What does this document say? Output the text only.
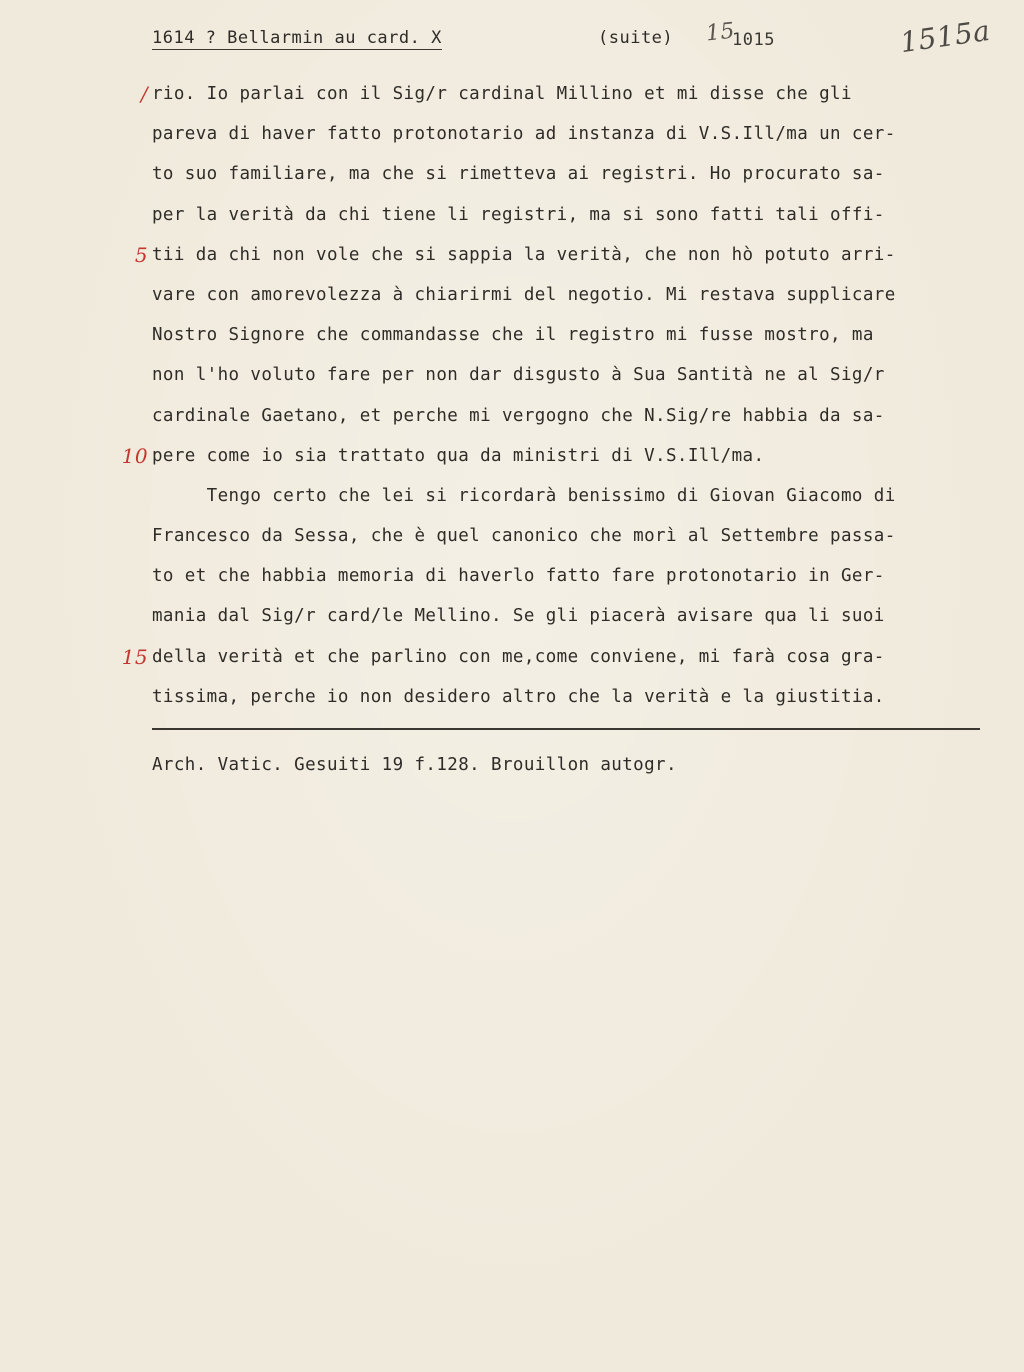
1614 ? Bellarmin au card. X	(suite) 15
1015	1515a
/ rio. Io parlai con il Sig/r cardinal Millino et mi disse che gli
pareva di haver fatto protonotario ad instanza di V.S.Ill/ma un cer-
to suo familiare, ma che si rimetteva ai registri. Ho procurato sa-
per la verità da chi tiene li registri, ma si sono fatti tali offi-
5 tii da chi non vole che si sappia la verità, che non hò potuto arri-
vare con amorevolezza à chiarirmi del negotio. Mi restava supplicare
Nostro Signore che commandasse che il registro mi fusse mostro, ma
non l'ho voluto fare per non dar disgusto à Sua Santità ne al Sig/r
cardinale Gaetano, et perche mi vergogno che N.Sig/re habbia da sa-
10 pere come io sia trattato qua da ministri di V.S.Ill/ma.
Tengo certo che lei si ricordarà benissimo di Giovan Giacomo di
Francesco da Sessa, che è quel canonico che morì al Settembre passa-
to et che habbia memoria di haverlo fatto fare protonotario in Ger-
mania dal Sig/r card/le Mellino. Se gli piacerà avisare qua li suoi
15 della verità et che parlino con me,come conviene, mi farà cosa gra-
tissima, perche io non desidero altro che la verità e la giustitia.
Arch. Vatic. Gesuiti 19 f.128. Brouillon autogr.
